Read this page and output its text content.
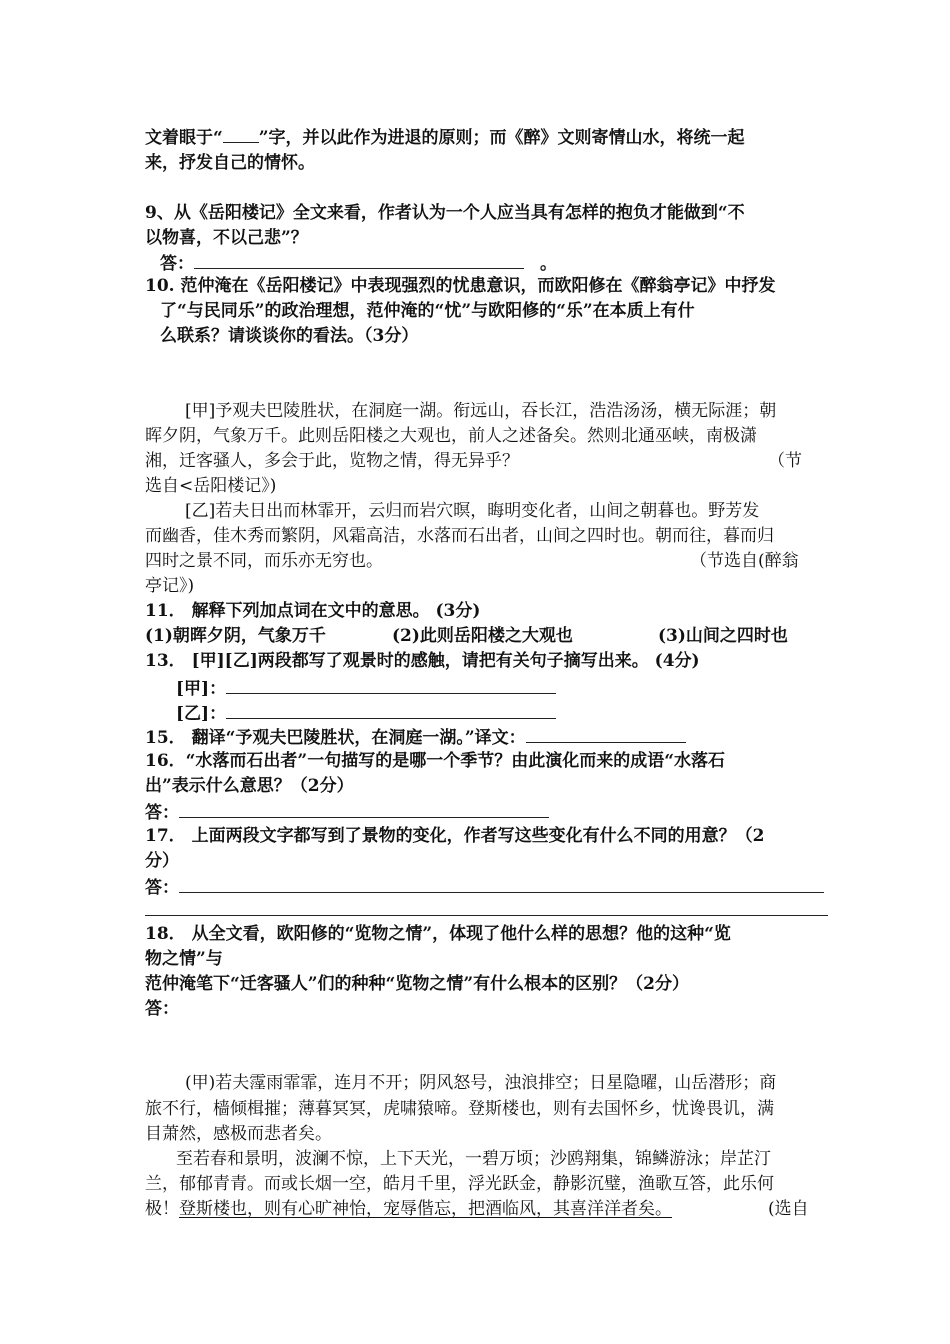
文着眼于“ ”字，并以此作为进退的原则；而《醉》文则寄情山水，将统一起
来，抒发自己的情怀。
9、从《岳阳楼记》全文来看，作者认为一个人应当具有怎样的抱负才能做到“不
以物喜，不以己悲”？
答：	。
10. 范仲淹在《岳阳楼记》中表现强烈的忧患意识，而欧阳修在《醉翁亭记》中抒发
了“与民同乐”的政治理想，范仲淹的“忧”与欧阳修的“乐”在本质上有什
么联系？请谈谈你的看法。（3分）
[甲]予观夫巴陵胜状，在洞庭一湖。衔远山，吞长江，浩浩汤汤，横无际涯；朝
晖夕阴，气象万千。此则岳阳楼之大观也，前人之述备矣。然则北通巫峡，南极潇
湘，迁客骚人，多会于此，览物之情，得无异乎？	（节
选自<岳阳楼记》)
[乙]若夫日出而林霏开，云归而岩穴暝，晦明变化者，山间之朝暮也。野芳发
而幽香，佳木秀而繁阴，风霜高洁，水落而石出者，山间之四时也。朝而往，暮而归
四时之景不同，而乐亦无穷也。	（节选自(醉翁
亭记》)
11． 解释下列加点词在文中的意思。 (3分)
(1)朝晖夕阴，气象万千	(2)此则岳阳楼之大观也	(3)山间之四时也
13． [甲][乙]两段都写了观景时的感触，请把有关句子摘写出来。 (4分)
[甲]：
[乙]：
15． 翻译“予观夫巴陵胜状，在洞庭一湖。”译文：
16．“水落而石出者”一句描写的是哪一个季节？由此演化而来的成语“水落石
出”表示什么意思？（2分）
答：
17． 上面两段文字都写到了景物的变化，作者写这些变化有什么不同的用意？（2
分）
答：
18． 从全文看，欧阳修的“览物之情”，体现了他什么样的思想？他的这种“览
物之情”与
范仲淹笔下“迁客骚人”们的种种“览物之情”有什么根本的区别？（2分）
答：
(甲)若夫霪雨霏霏，连月不开；阴风怒号，浊浪排空；日星隐曜，山岳潜形；商
旅不行，樯倾楫摧；薄暮冥冥，虎啸猿啼。登斯楼也，则有去国怀乡，忧谗畏讥，满
目萧然，感极而悲者矣。
至若春和景明，波澜不惊，上下天光，一碧万顷；沙鸥翔集，锦鳞游泳；岸芷汀
兰，郁郁青青。而或长烟一空，皓月千里，浮光跃金，静影沉璧，渔歌互答，此乐何
极！登斯楼也，则有心旷神怡，宠辱偕忘，把酒临风，其喜洋洋者矣。	(选自
